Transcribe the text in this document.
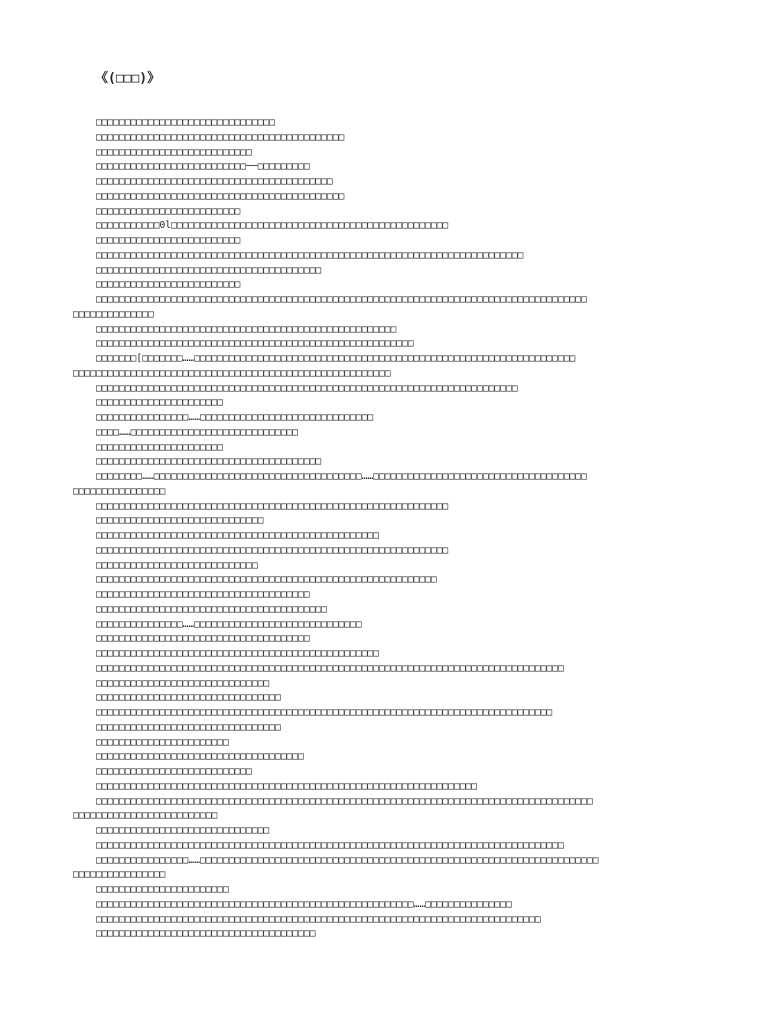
《(□□□)》
□□□□□□□□□□□□□□□□□□□□□□□□□□□□□□□
□□□□□□□□□□□□□□□□□□□□□□□□□□□□□□□□□□□□□□□□□□□
□□□□□□□□□□□□□□□□□□□□□□□□□□□
□□□□□□□□□□□□□□□□□□□□□□□□□□──□□□□□□□□□
□□□□□□□□□□□□□□□□□□□□□□□□□□□□□□□□□□□□□□□□□
□□□□□□□□□□□□□□□□□□□□□□□□□□□□□□□□□□□□□□□□□□□
□□□□□□□□□□□□□□□□□□□□□□□□□
□□□□□□□□□□□0l□□□□□□□□□□□□□□□□□□□□□□□□□□□□□□□□□□□□□□□□□□□□□□□□
□□□□□□□□□□□□□□□□□□□□□□□□□
□□□□□□□□□□□□□□□□□□□□□□□□□□□□□□□□□□□□□□□□□□□□□□□□□□□□□□□□□□□□□□□□□□□□□□□□□□
□□□□□□□□□□□□□□□□□□□□□□□□□□□□□□□□□□□□□□□
□□□□□□□□□□□□□□□□□□□□□□□□□
□□□□□□□□□□□□□□□□□□□□□□□□□□□□□□□□□□□□□□□□□□□□□□□□□□□□□□□□□□□□□□□□□□□□□□□□□□□□□□□□□□□□□
□□□□□□□□□□□□□□
□□□□□□□□□□□□□□□□□□□□□□□□□□□□□□□□□□□□□□□□□□□□□□□□□□□□
□□□□□□□□□□□□□□□□□□□□□□□□□□□□□□□□□□□□□□□□□□□□□□□□□□□□□□□
□□□□□□□[□□□□□□□……□□□□□□□□□□□□□□□□□□□□□□□□□□□□□□□□□□□□□□□□□□□□□□□□□□□□□□□□□□□□□□□□□□
□□□□□□□□□□□□□□□□□□□□□□□□□□□□□□□□□□□□□□□□□□□□□□□□□□□□□□□
□□□□□□□□□□□□□□□□□□□□□□□□□□□□□□□□□□□□□□□□□□□□□□□□□□□□□□□□□□□□□□□□□□□□□□□□□
□□□□□□□□□□□□□□□□□□□□□□
□□□□□□□□□□□□□□□□……□□□□□□□□□□□□□□□□□□□□□□□□□□□□□□
□□□□……□□□□□□□□□□□□□□□□□□□□□□□□□□□□□
□□□□□□□□□□□□□□□□□□□□□□
□□□□□□□□□□□□□□□□□□□□□□□□□□□□□□□□□□□□□□□
□□□□□□□□……□□□□□□□□□□□□□□□□□□□□□□□□□□□□□□□□□□□□……□□□□□□□□□□□□□□□□□□□□□□□□□□□□□□□□□□□□□
□□□□□□□□□□□□□□□□
□□□□□□□□□□□□□□□□□□□□□□□□□□□□□□□□□□□□□□□□□□□□□□□□□□□□□□□□□□□□□
□□□□□□□□□□□□□□□□□□□□□□□□□□□□□
□□□□□□□□□□□□□□□□□□□□□□□□□□□□□□□□□□□□□□□□□□□□□□□□□
□□□□□□□□□□□□□□□□□□□□□□□□□□□□□□□□□□□□□□□□□□□□□□□□□□□□□□□□□□□□□
□□□□□□□□□□□□□□□□□□□□□□□□□□□□
□□□□□□□□□□□□□□□□□□□□□□□□□□□□□□□□□□□□□□□□□□□□□□□□□□□□□□□□□□□
□□□□□□□□□□□□□□□□□□□□□□□□□□□□□□□□□□□□□
□□□□□□□□□□□□□□□□□□□□□□□□□□□□□□□□□□□□□□□□
□□□□□□□□□□□□□□□……□□□□□□□□□□□□□□□□□□□□□□□□□□□□□
□□□□□□□□□□□□□□□□□□□□□□□□□□□□□□□□□□□□□
□□□□□□□□□□□□□□□□□□□□□□□□□□□□□□□□□□□□□□□□□□□□□□□□□
□□□□□□□□□□□□□□□□□□□□□□□□□□□□□□□□□□□□□□□□□□□□□□□□□□□□□□□□□□□□□□□□□□□□□□□□□□□□□□□□□
□□□□□□□□□□□□□□□□□□□□□□□□□□□□□□
□□□□□□□□□□□□□□□□□□□□□□□□□□□□□□□□
□□□□□□□□□□□□□□□□□□□□□□□□□□□□□□□□□□□□□□□□□□□□□□□□□□□□□□□□□□□□□□□□□□□□□□□□□□□□□□□
□□□□□□□□□□□□□□□□□□□□□□□□□□□□□□□□
□□□□□□□□□□□□□□□□□□□□□□□
□□□□□□□□□□□□□□□□□□□□□□□□□□□□□□□□□□□□
□□□□□□□□□□□□□□□□□□□□□□□□□□□
□□□□□□□□□□□□□□□□□□□□□□□□□□□□□□□□□□□□□□□□□□□□□□□□□□□□□□□□□□□□□□□□□□
□□□□□□□□□□□□□□□□□□□□□□□□□□□□□□□□□□□□□□□□□□□□□□□□□□□□□□□□□□□□□□□□□□□□□□□□□□□□□□□□□□□□□□
□□□□□□□□□□□□□□□□□□□□□□□□□
□□□□□□□□□□□□□□□□□□□□□□□□□□□□□□
□□□□□□□□□□□□□□□□□□□□□□□□□□□□□□□□□□□□□□□□□□□□□□□□□□□□□□□□□□□□□□□□□□□□□□□□□□□□□□□□□
□□□□□□□□□□□□□□□□……□□□□□□□□□□□□□□□□□□□□□□□□□□□□□□□□□□□□□□□□□□□□□□□□□□□□□□□□□□□□□□□□□□□□□
□□□□□□□□□□□□□□□□
□□□□□□□□□□□□□□□□□□□□□□□
□□□□□□□□□□□□□□□□□□□□□□□□□□□□□□□□□□□□□□□□□□□□□□□□□□□□□□□……□□□□□□□□□□□□□□□
□□□□□□□□□□□□□□□□□□□□□□□□□□□□□□□□□□□□□□□□□□□□□□□□□□□□□□□□□□□□□□□□□□□□□□□□□□□□□
□□□□□□□□□□□□□□□□□□□□□□□□□□□□□□□□□□□□□□
